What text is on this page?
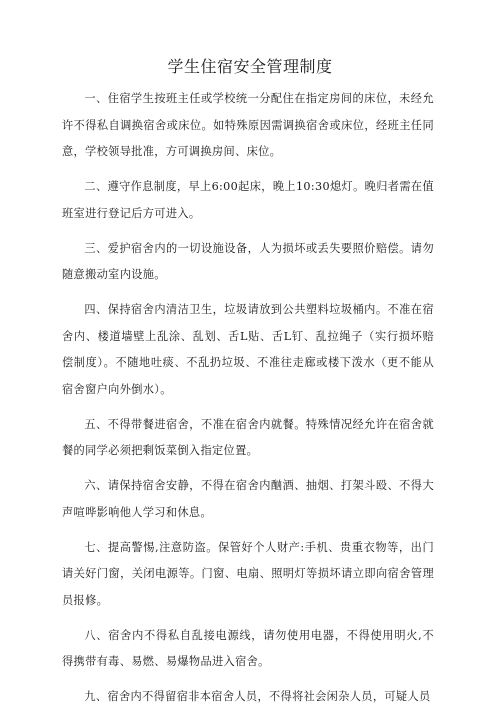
学生住宿安全管理制度

一、住宿学生按班主任或学校统一分配住在指定房间的床位，未经允许不得私自调换宿舍或床位。如特殊原因需调换宿舍或床位，经班主任同意，学校领导批准，方可调换房间、床位。

二、遵守作息制度，早上6:00起床，晚上10:30熄灯。晚归者需在值班室进行登记后方可进入。

三、爱护宿舍内的一切设施设备，人为损坏或丢失要照价赔偿。请勿随意搬动室内设施。

四、保持宿舍内清洁卫生，垃圾请放到公共塑料垃圾桶内。不准在宿舍内、楼道墙壁上乱涂、乱划、舌L贴、舌L钉、乱拉绳子（实行损坏赔偿制度）。不随地吐痰、不乱扔垃圾、不准往走廊或楼下泼水（更不能从宿舍窗户向外倒水）。

五、不得带餐进宿舍，不准在宿舍内就餐。特殊情况经允许在宿舍就餐的同学必须把剩饭菜倒入指定位置。

六、请保持宿舍安静，不得在宿舍内酗酒、抽烟、打架斗殴、不得大声喧哗影响他人学习和休息。

七、提高警惕,注意防盗。保管好个人财产:手机、贵重衣物等，出门请关好门窗，关闭电源等。门窗、电扇、照明灯等损坏请立即向宿舍管理员报修。

八、宿舍内不得私自乱接电源线，请勿使用电器，不得使用明火,不得携带有毒、易燃、易爆物品进入宿舍。

九、宿舍内不得留宿非本宿舍人员，不得将社会闲杂人员，可疑人员
